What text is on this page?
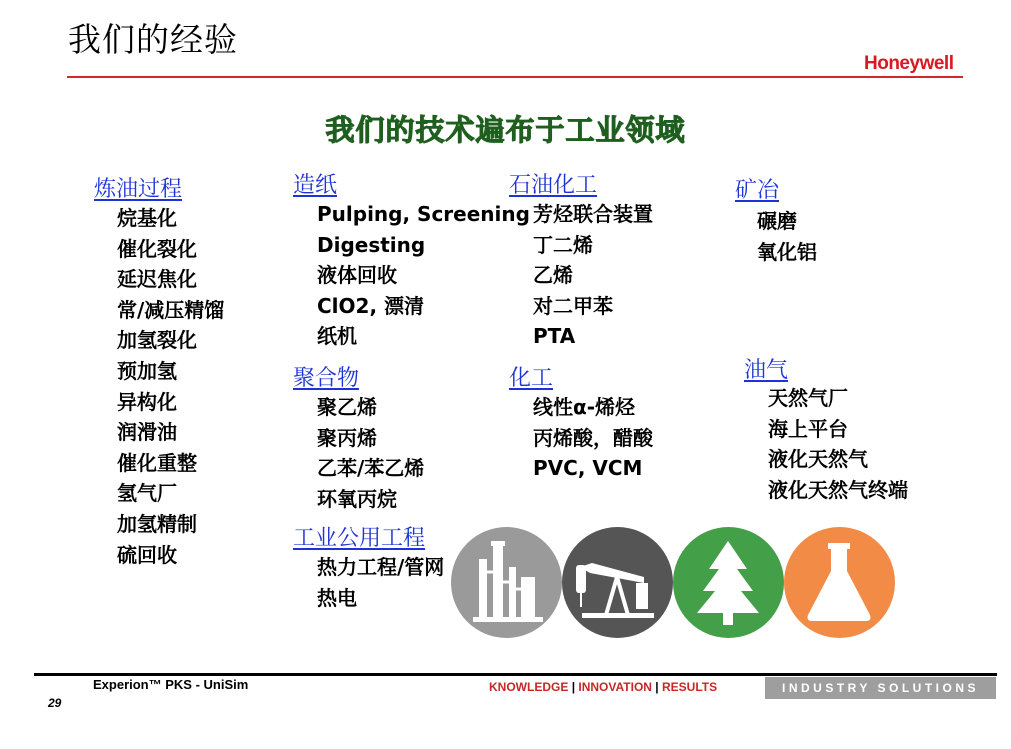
我们的经验
Honeywell
我们的技术遍布于工业领域
炼油过程
烷基化
催化裂化
延迟焦化
常/减压精馏
加氢裂化
预加氢
异构化
润滑油
催化重整
氢气厂
加氢精制
硫回收
造纸
Pulping, Screening
Digesting
液体回收
ClO2, 漂清
纸机
聚合物
聚乙烯
聚丙烯
乙苯/苯乙烯
环氧丙烷
工业公用工程
热力工程/管网
热电
石油化工
芳烃联合装置
丁二烯
乙烯
对二甲苯
PTA
化工
线性α-烯烃
丙烯酸，醋酸
PVC, VCM
矿冶
碾磨
氧化铝
油气
天然气厂
海上平台
液化天然气
液化天然气终端
Experion™ PKS - UniSim
29
KNOWLEDGE | INNOVATION | RESULTS	INDUSTRY SOLUTIONS
